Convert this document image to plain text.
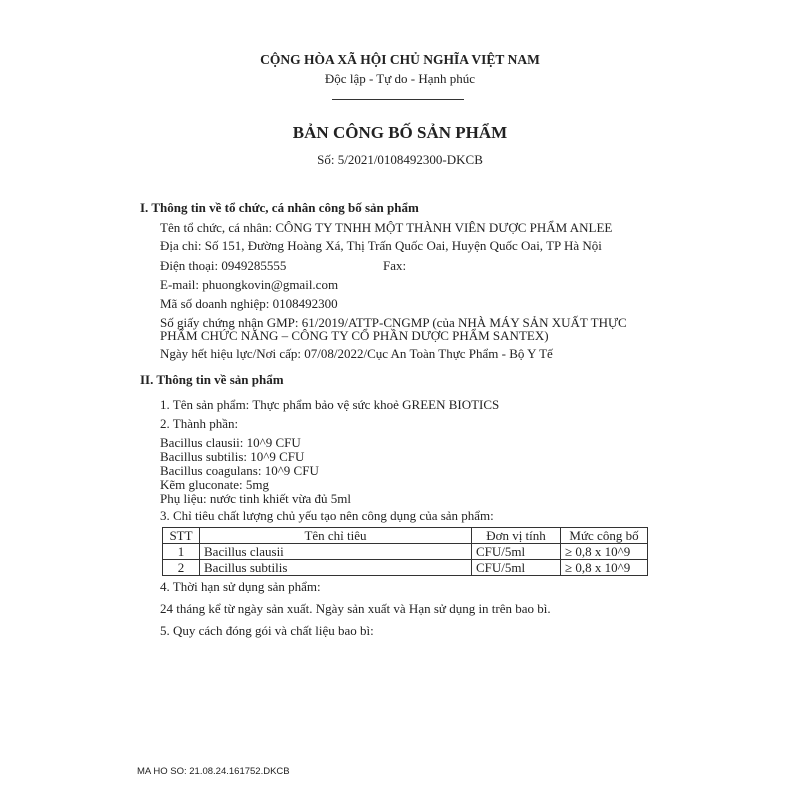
CỘNG HÒA XÃ HỘI CHỦ NGHĨA VIỆT NAM
Độc lập - Tự do - Hạnh phúc
BẢN CÔNG BỐ SẢN PHẨM
Số: 5/2021/0108492300-DKCB
I. Thông tin về tổ chức, cá nhân công bố sản phẩm
Tên tổ chức, cá nhân: CÔNG TY TNHH MỘT THÀNH VIÊN DƯỢC PHẨM ANLEE
Địa chỉ: Số 151, Đường Hoàng Xá, Thị Trấn Quốc Oai, Huyện Quốc Oai, TP Hà Nội
Điện thoại: 0949285555	Fax:
E-mail: phuongkovin@gmail.com
Mã số doanh nghiệp: 0108492300
Số giấy chứng nhận GMP: 61/2019/ATTP-CNGMP (của NHÀ MÁY SẢN XUẤT THỰC
PHẨM CHỨC NĂNG – CÔNG TY CỔ PHẦN DƯỢC PHẨM SANTEX)
Ngày hết hiệu lực/Nơi cấp: 07/08/2022/Cục An Toàn Thực Phẩm - Bộ Y Tế
II. Thông tin về sản phẩm
1. Tên sản phẩm: Thực phẩm bảo vệ sức khoẻ GREEN BIOTICS
2. Thành phần:
Bacillus clausii: 10^9 CFU
Bacillus subtilis: 10^9 CFU
Bacillus coagulans: 10^9 CFU
Kẽm gluconate: 5mg
Phụ liệu: nước tinh khiết vừa đủ 5ml
3. Chỉ tiêu chất lượng chủ yếu tạo nên công dụng của sản phẩm:
STT	Tên chỉ tiêu	Đơn vị tính	Mức công bố
1	Bacillus clausii	CFU/5ml	≥ 0,8 x 10^9
2	Bacillus subtilis	CFU/5ml	≥ 0,8 x 10^9
4. Thời hạn sử dụng sản phẩm:
24 tháng kể từ ngày sản xuất. Ngày sản xuất và Hạn sử dụng in trên bao bì.
5. Quy cách đóng gói và chất liệu bao bì:
MA HO SO: 21.08.24.161752.DKCB
